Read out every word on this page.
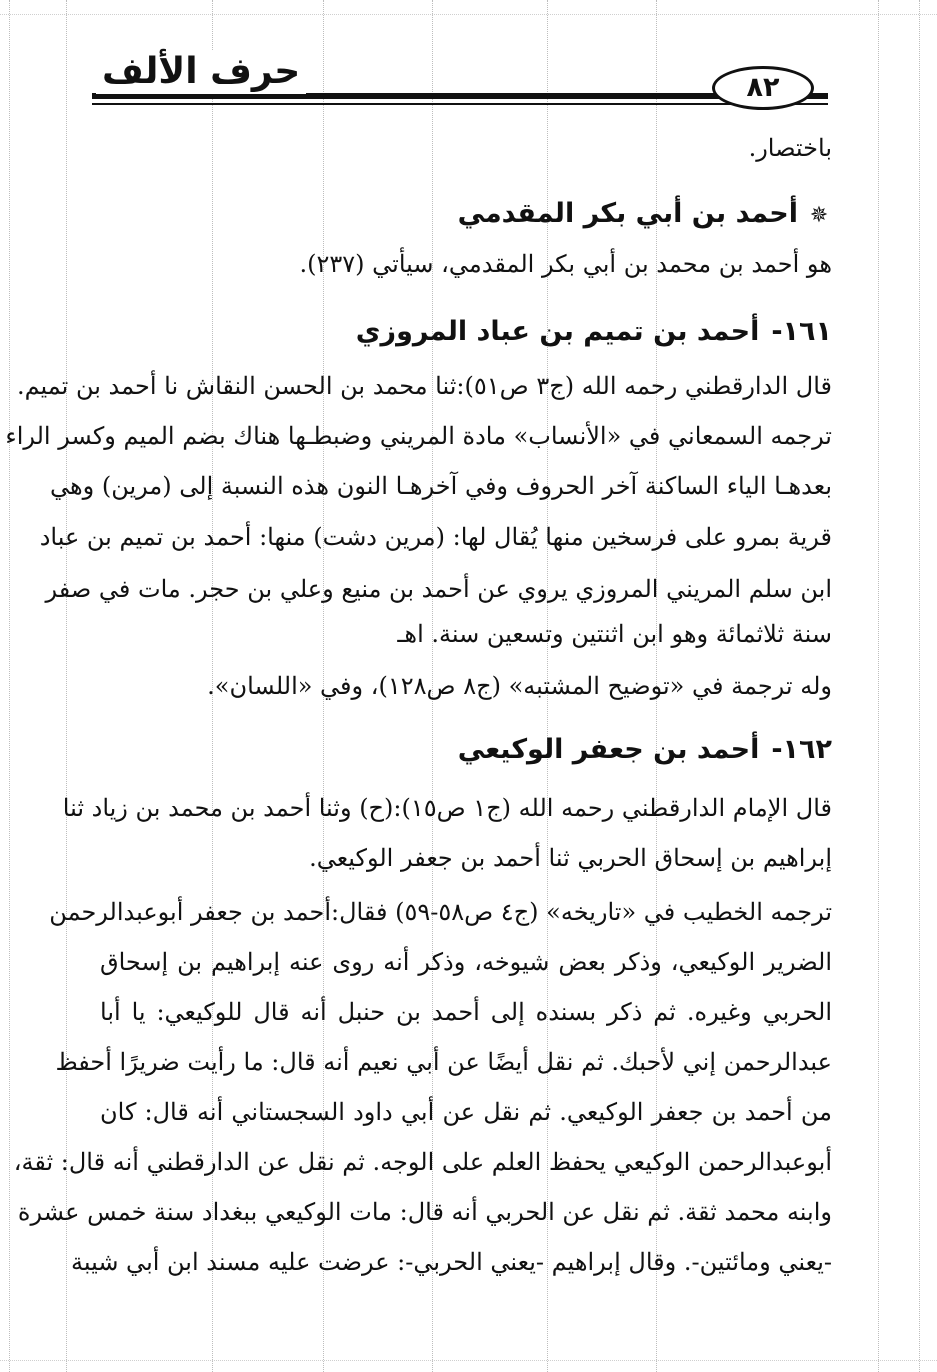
حرف الألف	٨٢
باختصار.
✵أحمد بن أبي بكر المقدمي
هو أحمد بن محمد بن أبي بكر المقدمي، سيأتي (٢٣٧).
١٦١-أحمد بن تميم بن عباد المروزي
قال الدارقطني رحمه الله (ج٣ ص٥١):ثنا محمد بن الحسن النقاش نا أحمد بن تميم.
ترجمه السمعاني في «الأنساب» مادة المريني وضبطـها هناك بضم الميم وكسر الراء
بعدهـا الياء الساكنة آخر الحروف وفي آخرهـا النون هذه النسبة إلى (مرين) وهي
قرية بمرو على فرسخين منها يُقال لها: (مرين دشت) منها: أحمد بن تميم بن عباد
ابن سلم المريني المروزي يروي عن أحمد بن منيع وعلي بن حجر. مات في صفر
سنة ثلاثمائة وهو ابن اثنتين وتسعين سنة. اهـ
وله ترجمة في «توضيح المشتبه» (ج٨ ص١٢٨)، وفي «اللسان».
١٦٢-أحمد بن جعفر الوكيعي
قال الإمام الدارقطني رحمه الله (ج١ ص١٥):(ح) وثنا أحمد بن محمد بن زياد ثنا
إبراهيم بن إسحاق الحربي ثنا أحمد بن جعفر الوكيعي.
ترجمه الخطيب في «تاريخه» (ج٤ ص٥٨-٥٩) فقال:أحمد بن جعفر أبوعبدالرحمن
الضرير الوكيعي، وذكر بعض شيوخه، وذكر أنه روى عنه إبراهيم بن إسحاق
الحربي وغيره. ثم ذكر بسنده إلى أحمد بن حنبل أنه قال للوكيعي: يا أبا
عبدالرحمن إني لأحبك. ثم نقل أيضًا عن أبي نعيم أنه قال: ما رأيت ضريرًا أحفظ
من أحمد بن جعفر الوكيعي. ثم نقل عن أبي داود السجستاني أنه قال: كان
أبوعبدالرحمن الوكيعي يحفظ العلم على الوجه. ثم نقل عن الدارقطني أنه قال: ثقة،
وابنه محمد ثقة. ثم نقل عن الحربي أنه قال: مات الوكيعي ببغداد سنة خمس عشرة
-يعني ومائتين-. وقال إبراهيم -يعني الحربي-: عرضت عليه مسند ابن أبي شيبة
